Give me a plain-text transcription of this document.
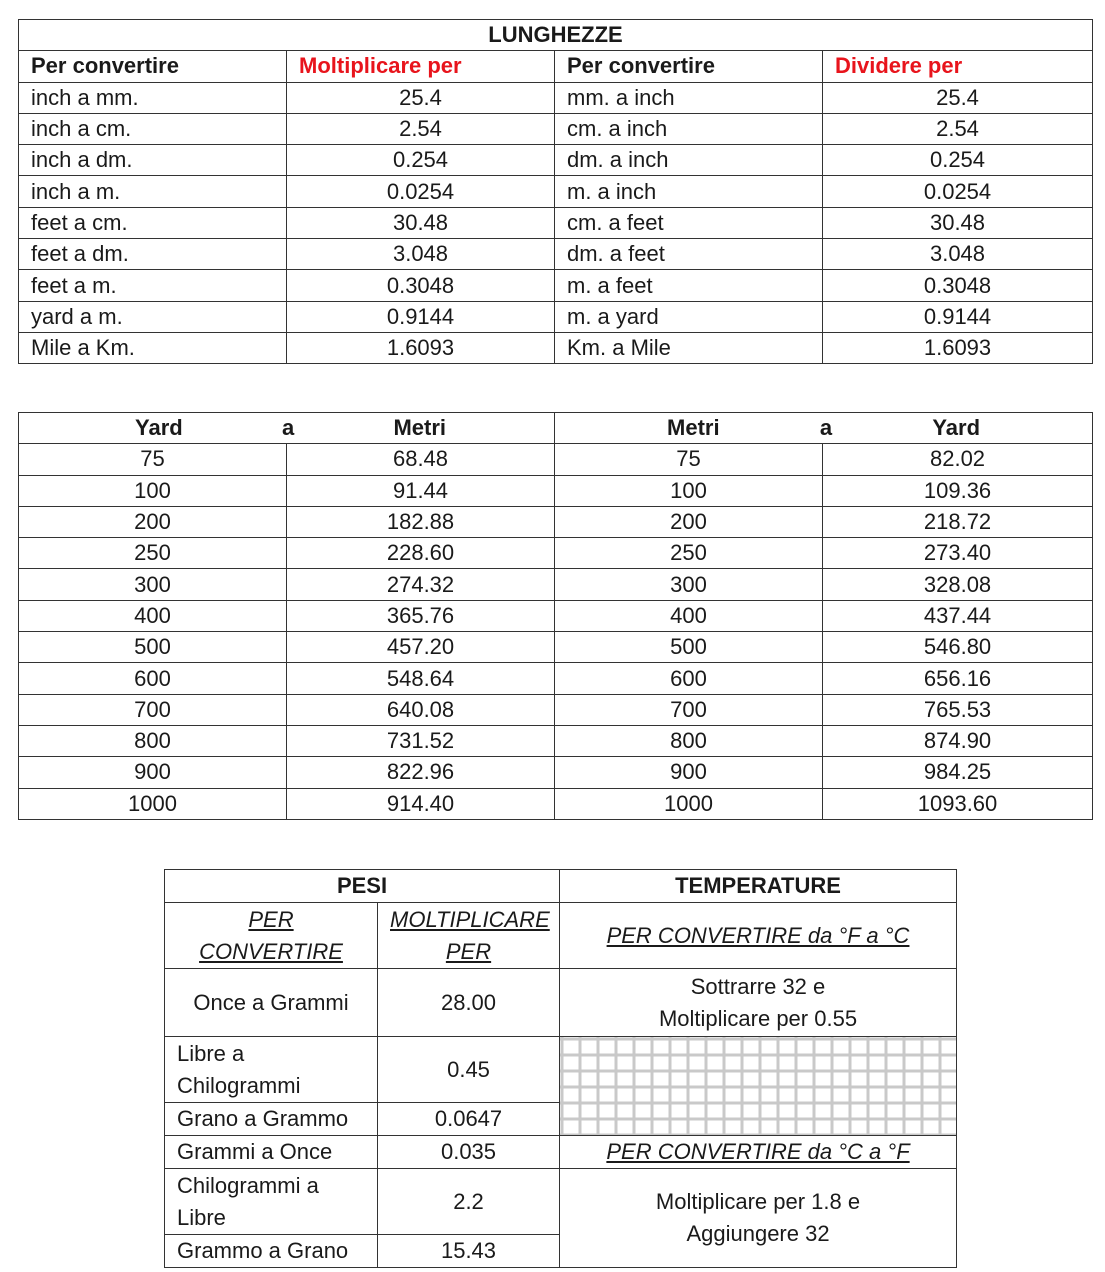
LUNGHEZZE			
Per convertire	Moltiplicare per	Per convertire	Dividere per
inch a mm.	25.4	mm. a inch	25.4
inch a cm.	2.54	cm. a inch	2.54
inch a dm.	0.254	dm. a inch	0.254
inch a m.	0.0254	m. a inch	0.0254
feet a cm.	30.48	cm. a feet	30.48
feet a dm.	3.048	dm. a feet	3.048
feet a m.	0.3048	m. a feet	0.3048
yard a m.	0.9144	m. a yard	0.9144
Mile a Km.	1.6093	Km. a Mile	1.6093
Yard a Metri		Metri a Yard	

75	68.48	75	82.02
100	91.44	100	109.36
200	182.88	200	218.72
250	228.60	250	273.40
300	274.32	300	328.08
400	365.76	400	437.44
500	457.20	500	546.80
600	548.64	600	656.16
700	640.08	700	765.53
800	731.52	800	874.90
900	822.96	900	984.25
1000	914.40	1000	1093.60
PESI		TEMPERATURE
PER CONVERTIRE	MOLTIPLICARE PER	PER CONVERTIRE da °F a °C
Once a Grammi	28.00	Sottrarre 32 e
Moltiplicare per 0.55

Libre a Chilogrammi	0.45	
Grano a Grammo	0.0647	
Grammi a Once	0.035	PER CONVERTIRE da °C a °F
Chilogrammi a Libre	2.2	Moltiplicare per 1.8 e
Aggiungere 32

Grammo a Grano	15.43	
